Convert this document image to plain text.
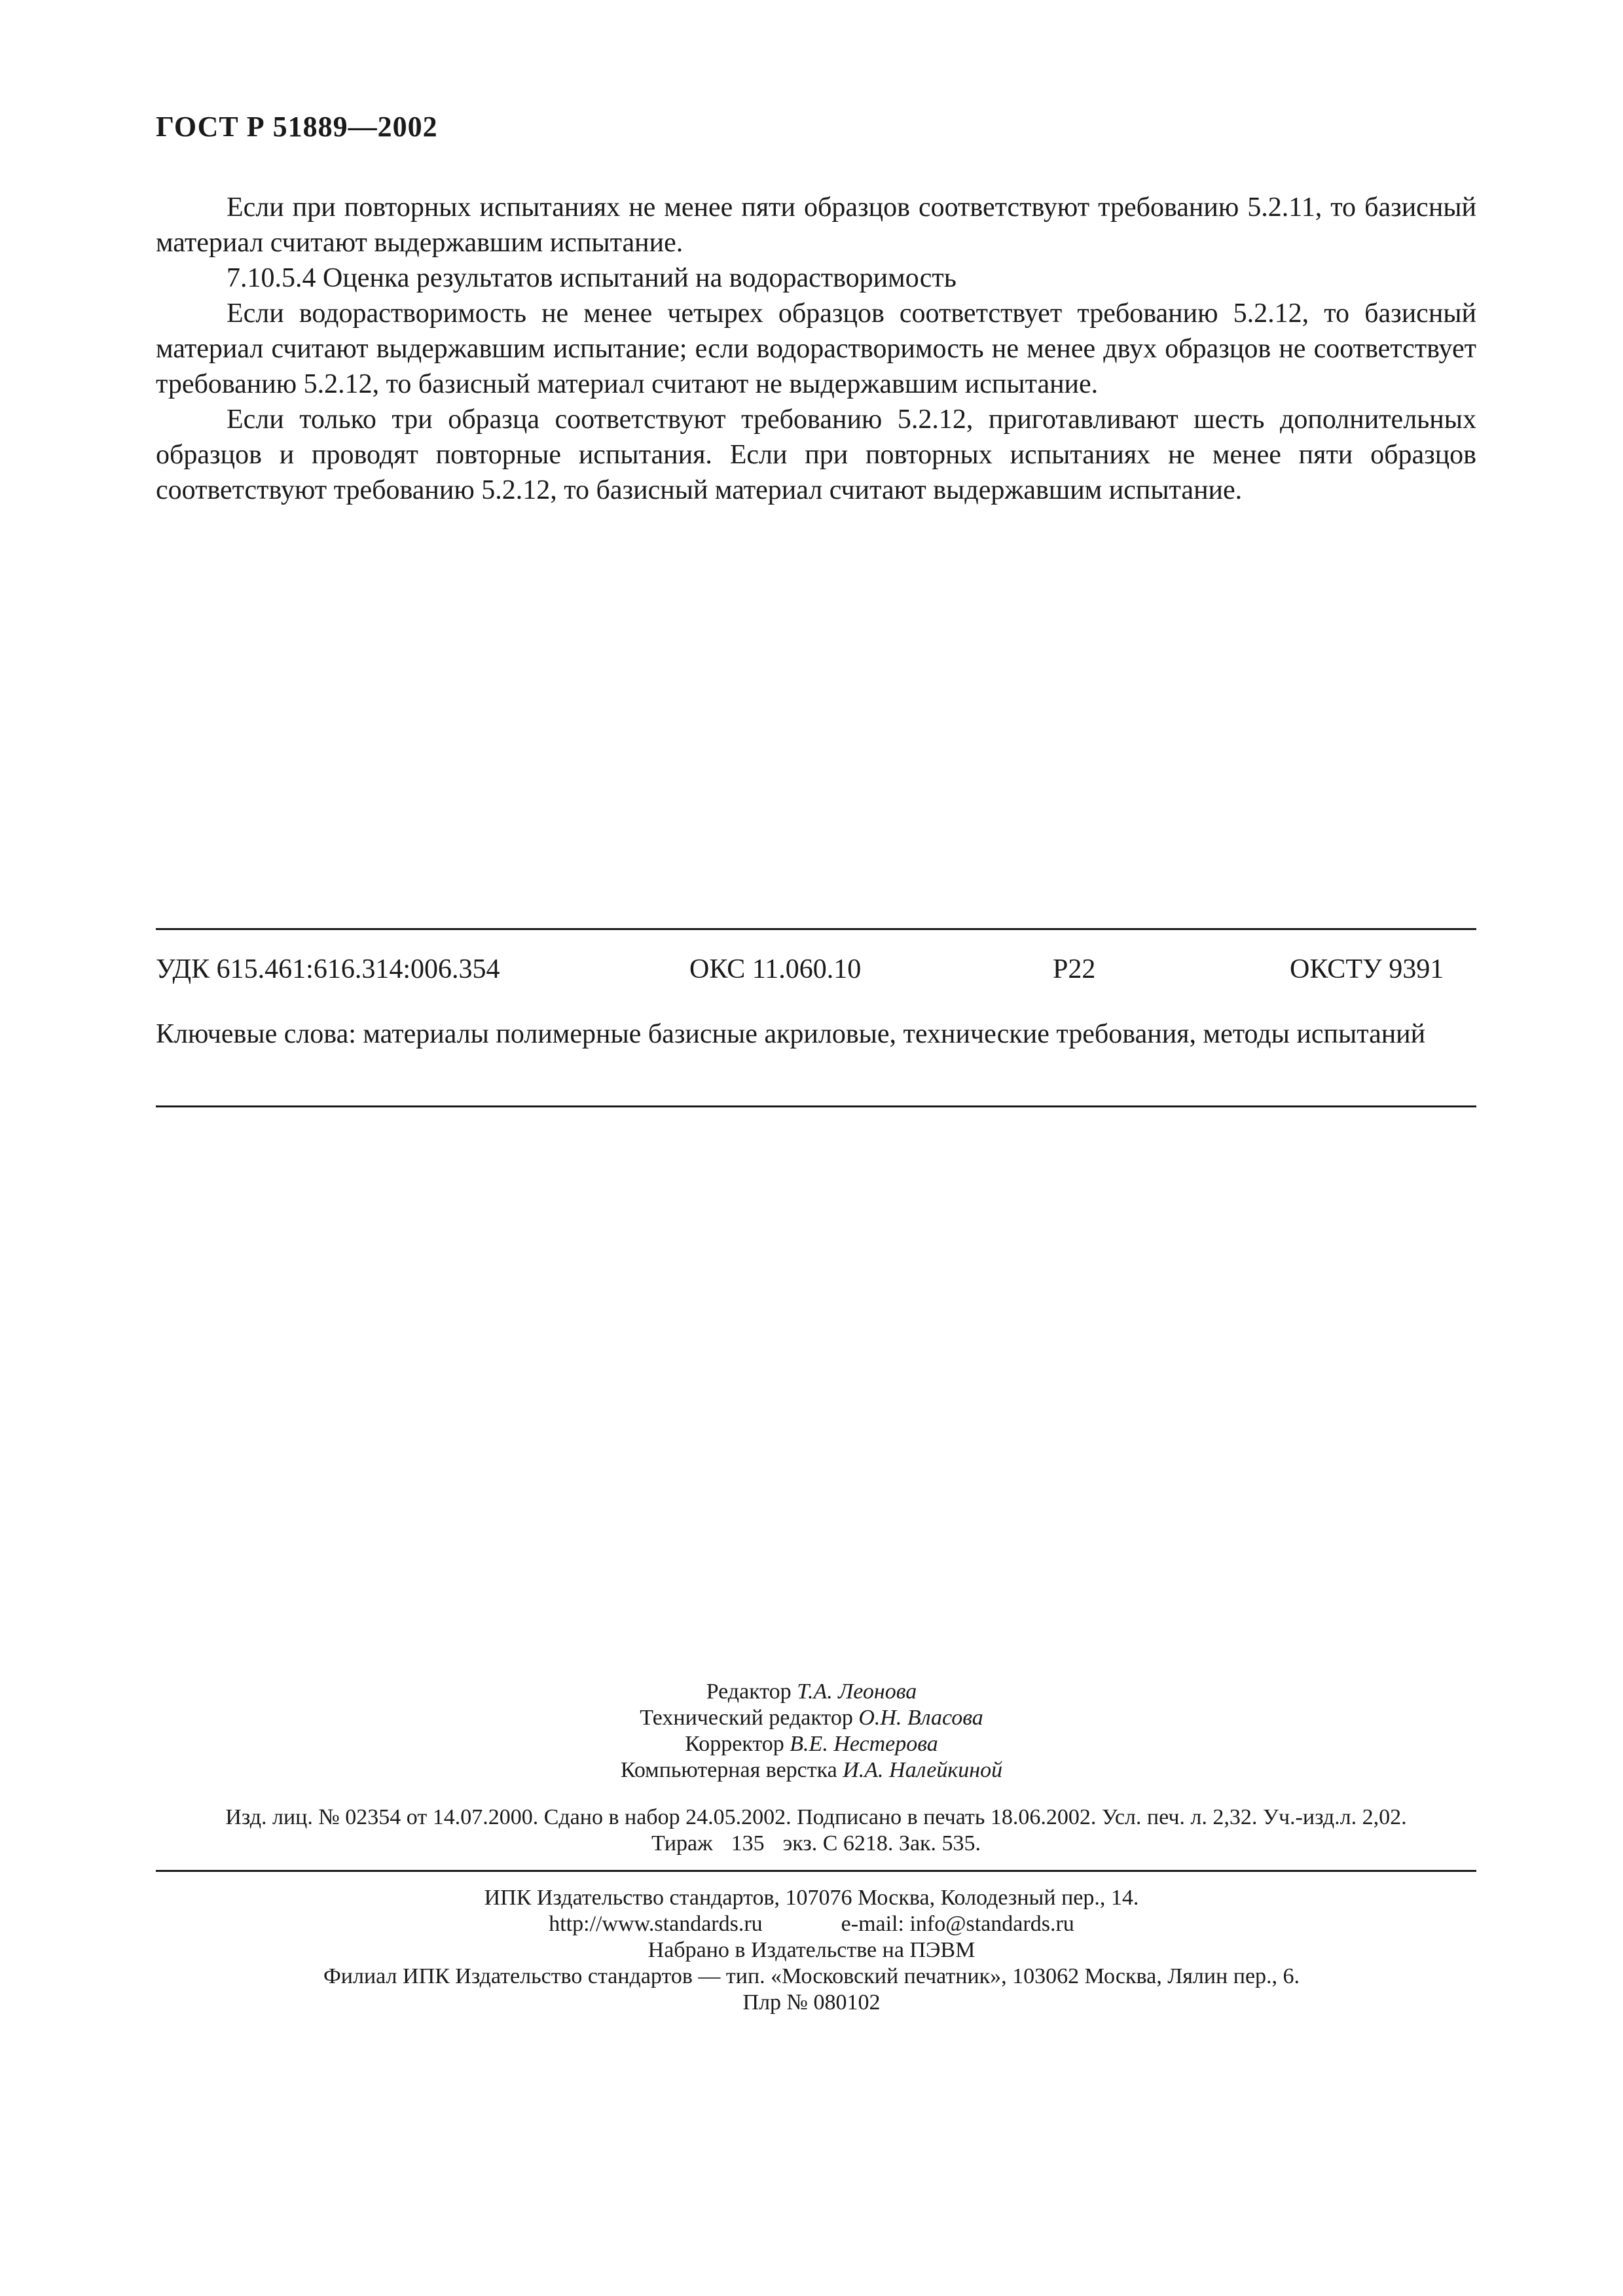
ГОСТ Р 51889—2002

Если при повторных испытаниях не менее пяти образцов соответствуют требованию 5.2.11, то базисный материал считают выдержавшим испытание.

7.10.5.4 Оценка результатов испытаний на водорастворимость

Если водорастворимость не менее четырех образцов соответствует требованию 5.2.12, то базисный материал считают выдержавшим испытание; если водорастворимость не менее двух образцов не соответствует требованию 5.2.12, то базисный материал считают не выдержавшим испытание.

Если только три образца соответствуют требованию 5.2.12, приготавливают шесть дополнительных образцов и проводят повторные испытания. Если при повторных испытаниях не менее пяти образцов соответствуют требованию 5.2.12, то базисный материал считают выдержавшим испытание.

УДК 615.461:616.314:006.354	ОКС 11.060.10	Р22	ОКСТУ 9391
Ключевые слова: материалы полимерные базисные акриловые, технические требования, методы испытаний
Редактор Т.А. Леонова
Технический редактор О.Н. Власова
Корректор В.Е. Нестерова
Компьютерная верстка И.А. Налейкиной
Изд. лиц. № 02354 от 14.07.2000. Сдано в набор 24.05.2002. Подписано в печать 18.06.2002. Усл. печ. л. 2,32. Уч.-изд.л. 2,02.
Тираж 135 экз. С 6218. Зак. 535.
ИПК Издательство стандартов, 107076 Москва, Колодезный пер., 14.
http://www.standards.ru	e-mail: info@standards.ru
Набрано в Издательстве на ПЭВМ
Филиал ИПК Издательство стандартов — тип. «Московский печатник», 103062 Москва, Лялин пер., 6.
Плр № 080102
